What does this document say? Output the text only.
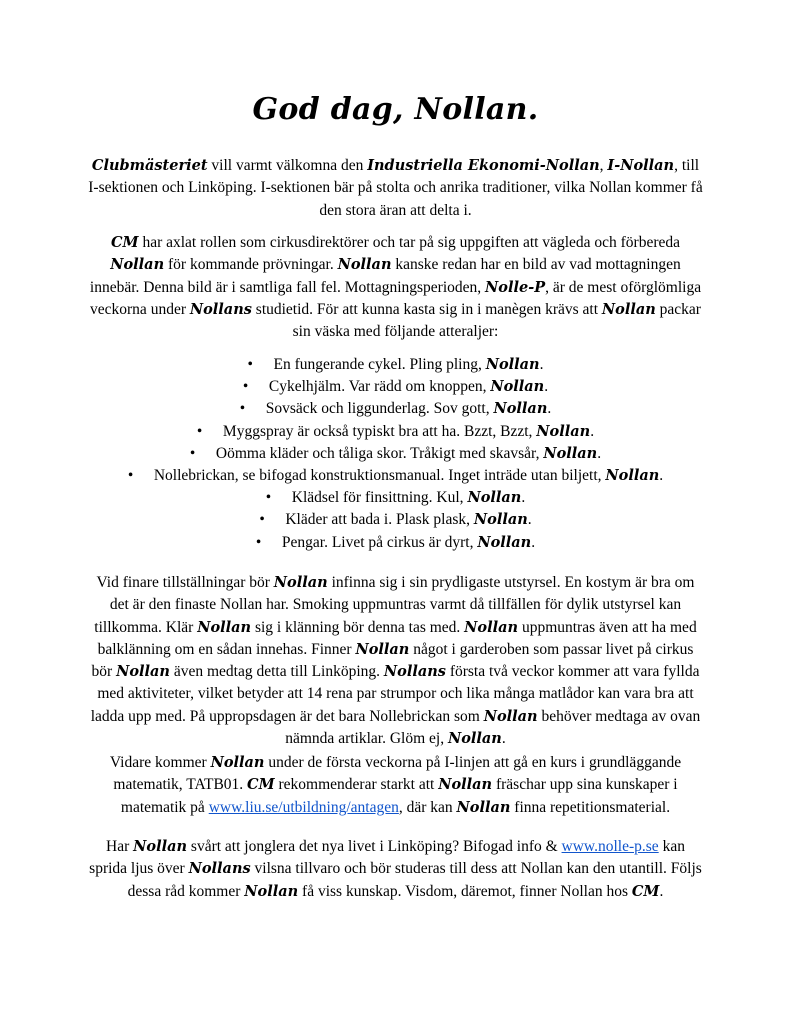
God dag, Nollan.

Clubmästeriet vill varmt välkomna den Industriella Ekonomi-Nollan, I-Nollan, till I-sektionen och Linköping. I-sektionen bär på stolta och anrika traditioner, vilka Nollan kommer få den stora äran att delta i.

CM har axlat rollen som cirkusdirektörer och tar på sig uppgiften att vägleda och förbereda Nollan för kommande prövningar. Nollan kanske redan har en bild av vad mottagningen innebär. Denna bild är i samtliga fall fel. Mottagningsperioden, Nolle-P, är de mest oförglömliga veckorna under Nollans studietid. För att kunna kasta sig in i manègen krävs att Nollan packar sin väska med följande atteraljer:

• En fungerande cykel. Pling pling, Nollan.
• Cykelhjälm. Var rädd om knoppen, Nollan.
• Sovsäck och liggunderlag. Sov gott, Nollan.
• Myggspray är också typiskt bra att ha. Bzzt, Bzzt, Nollan.
• Oömma kläder och tåliga skor. Tråkigt med skavsår, Nollan.
• Nollebrickan, se bifogad konstruktionsmanual. Inget inträde utan biljett, Nollan.
• Klädsel för finsittning. Kul, Nollan.
• Kläder att bada i. Plask plask, Nollan.
• Pengar. Livet på cirkus är dyrt, Nollan.

Vid finare tillställningar bör Nollan infinna sig i sin prydligaste utstyrsel. En kostym är bra om det är den finaste Nollan har. Smoking uppmuntras varmt då tillfällen för dylik utstyrsel kan tillkomma. Klär Nollan sig i klänning bör denna tas med. Nollan uppmuntras även att ha med balklänning om en sådan innehas. Finner Nollan något i garderoben som passar livet på cirkus bör Nollan även medtag detta till Linköping. Nollans första två veckor kommer att vara fyllda med aktiviteter, vilket betyder att 14 rena par strumpor och lika många matlådor kan vara bra att ladda upp med. På uppropsdagen är det bara Nollebrickan som Nollan behöver medtaga av ovan nämnda artiklar. Glöm ej, Nollan.

Vidare kommer Nollan under de första veckorna på I-linjen att gå en kurs i grundläggande matematik, TATB01. CM rekommenderar starkt att Nollan fräschar upp sina kunskaper i matematik på www.liu.se/utbildning/antagen, där kan Nollan finna repetitionsmaterial.

Har Nollan svårt att jonglera det nya livet i Linköping? Bifogad info & www.nolle-p.se kan sprida ljus över Nollans vilsna tillvaro och bör studeras till dess att Nollan kan den utantill. Följs dessa råd kommer Nollan få viss kunskap. Visdom, däremot, finner Nollan hos CM.
